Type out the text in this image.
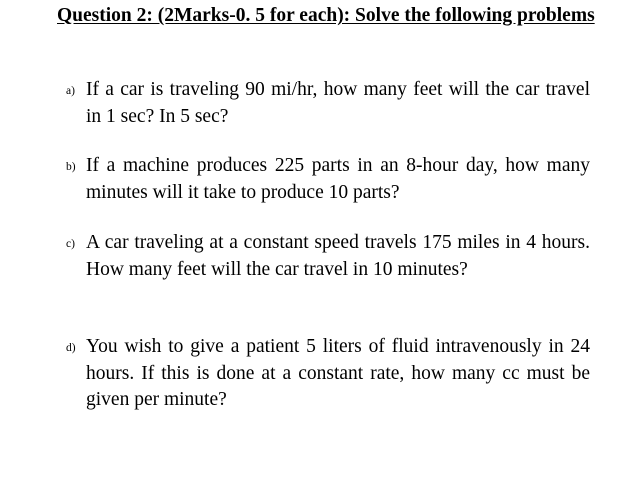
Question 2: (2Marks-0. 5 for each): Solve the following problems
a) If a car is traveling 90 mi/hr, how many feet will the car travel in 1 sec? In 5 sec?
b) If a machine produces 225 parts in an 8-hour day, how many minutes will it take to produce 10 parts?
c) A car traveling at a constant speed travels 175 miles in 4 hours. How many feet will the car travel in 10 minutes?
d) You wish to give a patient 5 liters of fluid intravenously in 24 hours. If this is done at a constant rate, how many cc must be given per minute?
